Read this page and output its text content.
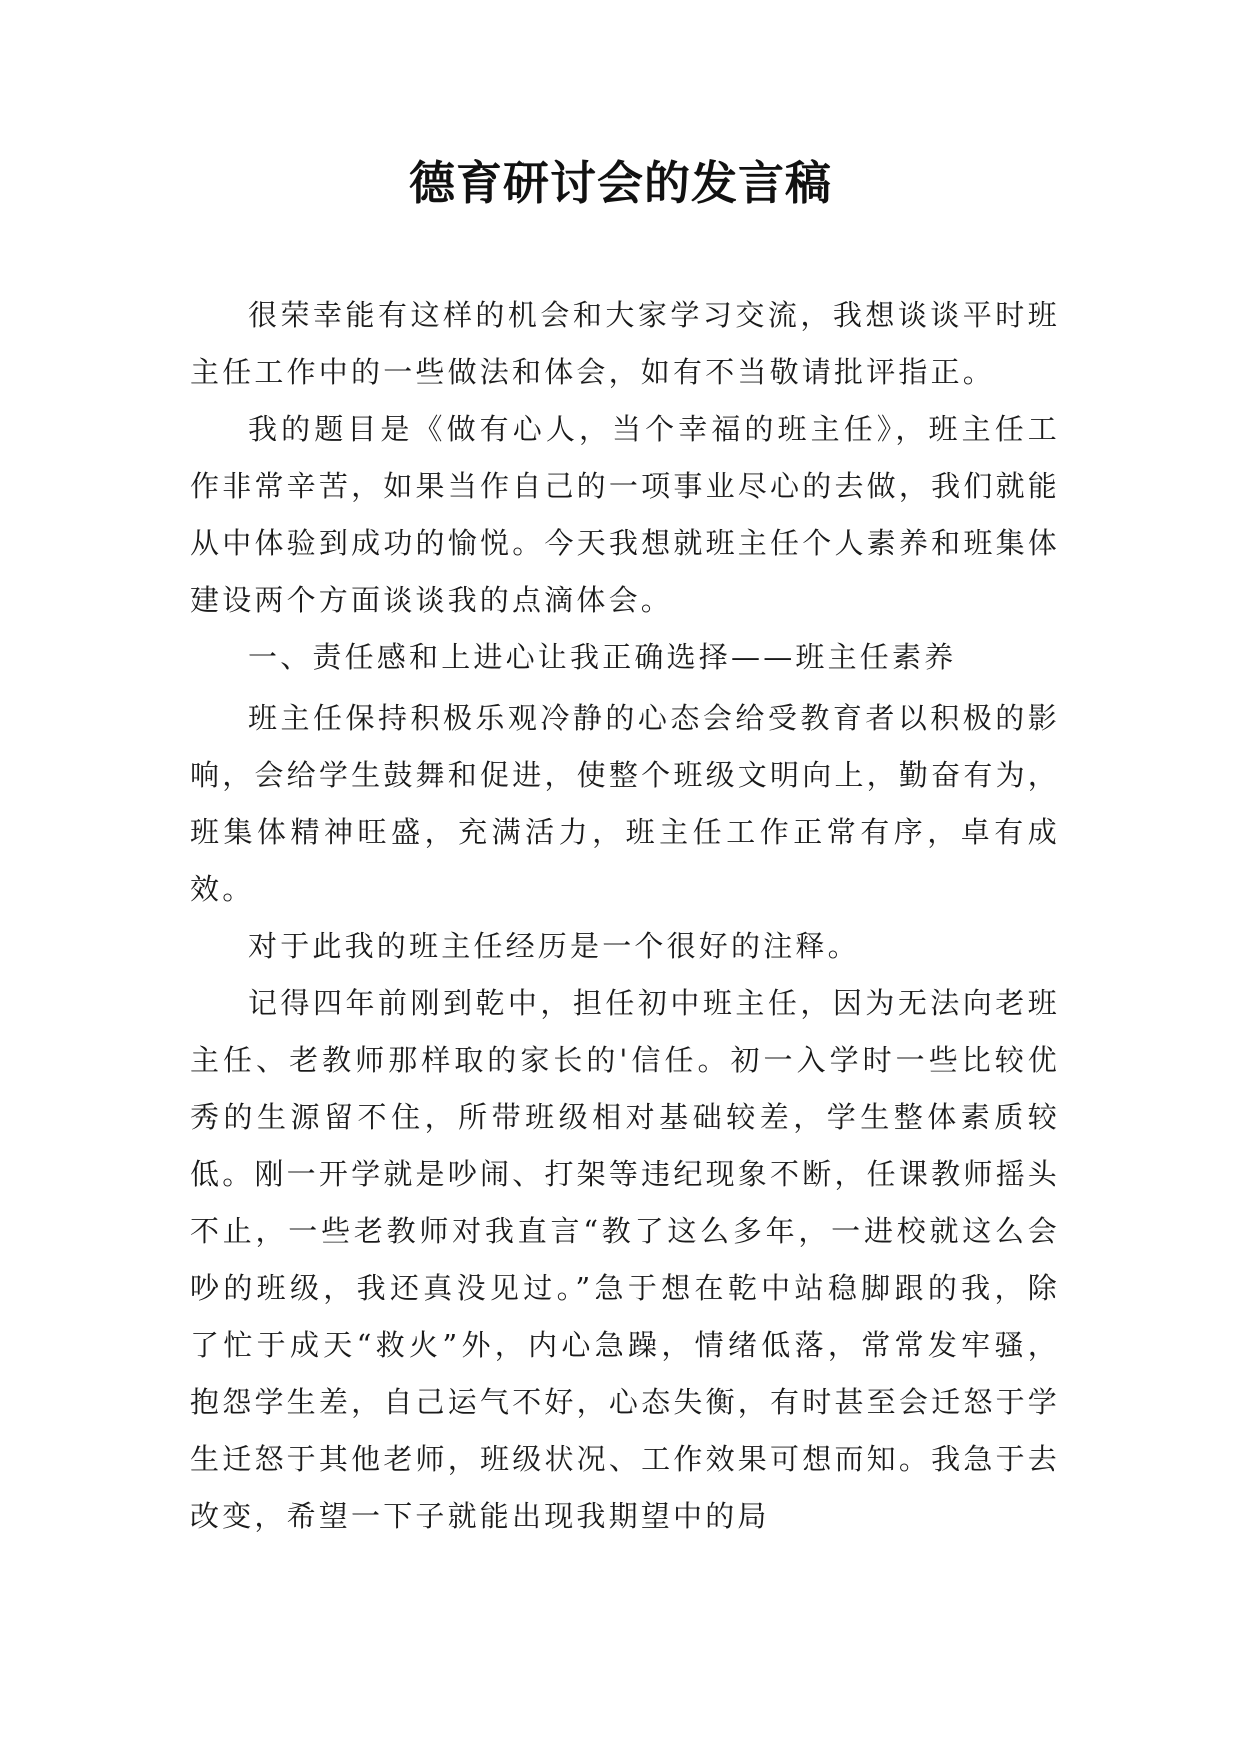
德育研讨会的发言稿

很荣幸能有这样的机会和大家学习交流，我想谈谈平时班主任工作中的一些做法和体会，如有不当敬请批评指正。

我的题目是《做有心人，当个幸福的班主任》，班主任工作非常辛苦，如果当作自己的一项事业尽心的去做，我们就能从中体验到成功的愉悦。今天我想就班主任个人素养和班集体建设两个方面谈谈我的点滴体会。

一、责任感和上进心让我正确选择——班主任素养

班主任保持积极乐观冷静的心态会给受教育者以积极的影响，会给学生鼓舞和促进，使整个班级文明向上，勤奋有为，班集体精神旺盛，充满活力，班主任工作正常有序，卓有成效。

对于此我的班主任经历是一个很好的注释。

记得四年前刚到乾中，担任初中班主任，因为无法向老班主任、老教师那样取的家长的'信任。初一入学时一些比较优秀的生源留不住，所带班级相对基础较差，学生整体素质较低。刚一开学就是吵闹、打架等违纪现象不断，任课教师摇头不止，一些老教师对我直言“教了这么多年，一进校就这么会吵的班级，我还真没见过。”急于想在乾中站稳脚跟的我，除了忙于成天“救火”外，内心急躁，情绪低落，常常发牢骚，抱怨学生差，自己运气不好，心态失衡，有时甚至会迁怒于学生迁怒于其他老师，班级状况、工作效果可想而知。我急于去改变，希望一下子就能出现我期望中的局
